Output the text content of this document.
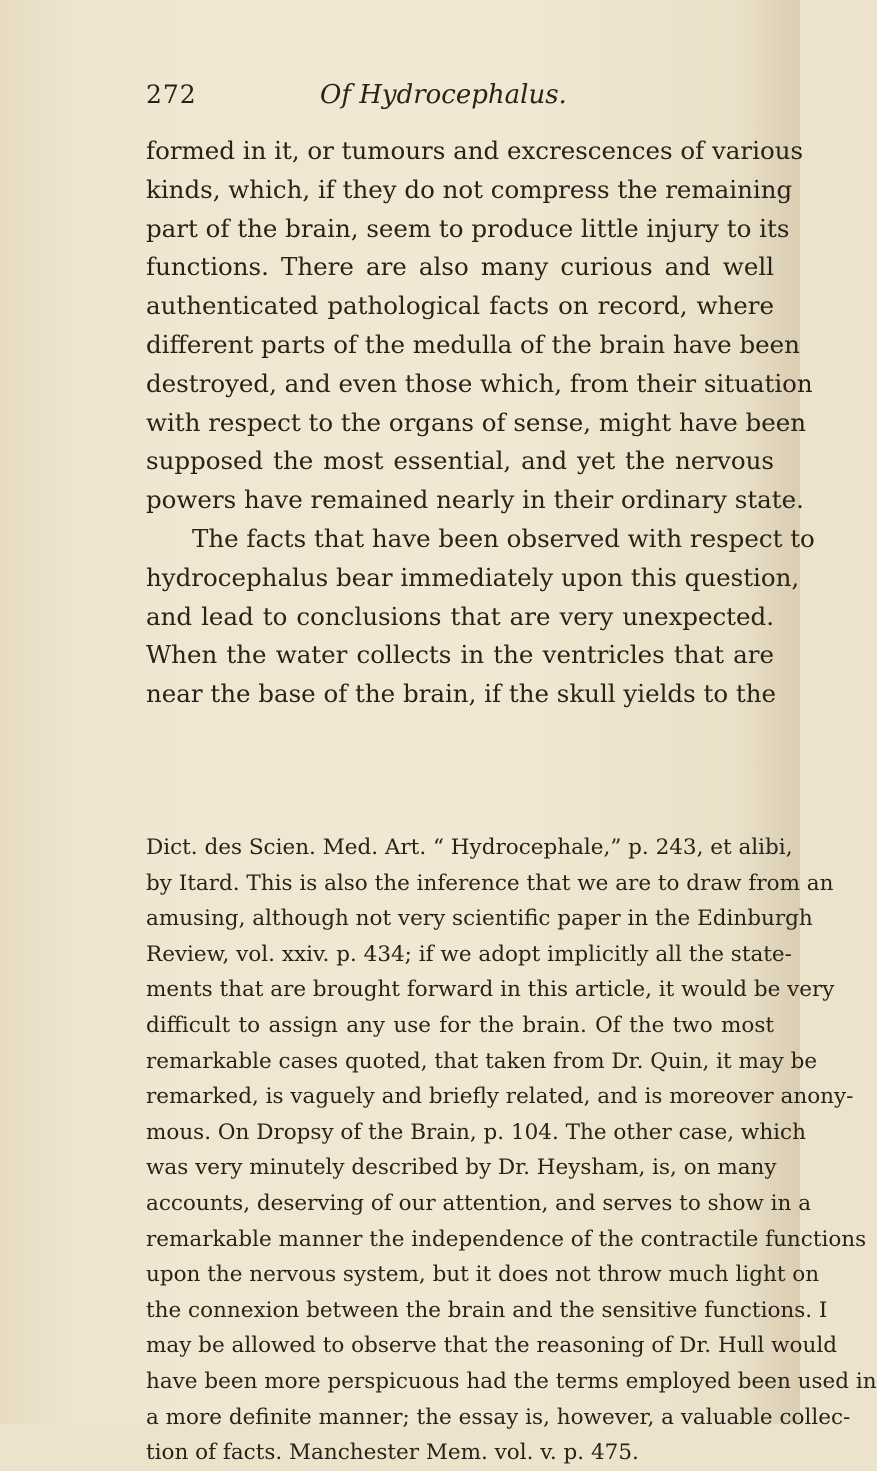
272	Of Hydrocephalus.
formed in it, or tumours and excrescences of various
kinds, which, if they do not compress the remaining
part of the brain, seem to produce little injury to its
functions. There are also many curious and well
authenticated pathological facts on record, where
different parts of the medulla of the brain have been
destroyed, and even those which, from their situation
with respect to the organs of sense, might have been
supposed the most essential, and yet the nervous
powers have remained nearly in their ordinary state.
The facts that have been observed with respect to
hydrocephalus bear immediately upon this question,
and lead to conclusions that are very unexpected.
When the water collects in the ventricles that are
near the base of the brain, if the skull yields to the
Dict. des Scien. Med. Art. “ Hydrocephale,” p. 243, et alibi,
by Itard. This is also the inference that we are to draw from an
amusing, although not very scientific paper in the Edinburgh
Review, vol. xxiv. p. 434; if we adopt implicitly all the state-
ments that are brought forward in this article, it would be very
difficult to assign any use for the brain. Of the two most
remarkable cases quoted, that taken from Dr. Quin, it may be
remarked, is vaguely and briefly related, and is moreover anony-
mous. On Dropsy of the Brain, p. 104. The other case, which
was very minutely described by Dr. Heysham, is, on many
accounts, deserving of our attention, and serves to show in a
remarkable manner the independence of the contractile functions
upon the nervous system, but it does not throw much light on
the connexion between the brain and the sensitive functions. I
may be allowed to observe that the reasoning of Dr. Hull would
have been more perspicuous had the terms employed been used in
a more definite manner; the essay is, however, a valuable collec-
tion of facts. Manchester Mem. vol. v. p. 475.
